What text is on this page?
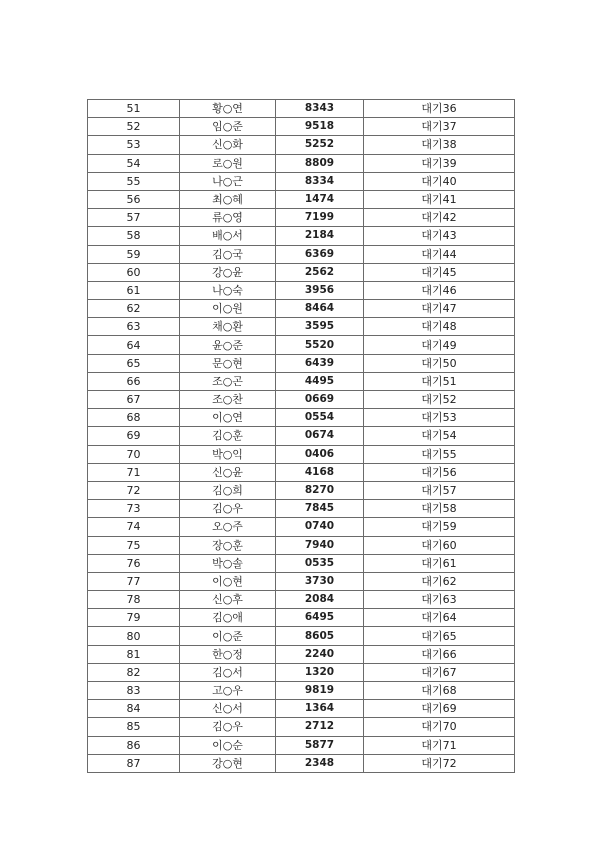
51	황○연	8343	대기36
52	임○준	9518	대기37
53	신○화	5252	대기38
54	로○원	8809	대기39
55	나○근	8334	대기40
56	최○혜	1474	대기41
57	류○영	7199	대기42
58	배○서	2184	대기43
59	김○국	6369	대기44
60	강○윤	2562	대기45
61	나○숙	3956	대기46
62	이○원	8464	대기47
63	채○환	3595	대기48
64	윤○준	5520	대기49
65	문○현	6439	대기50
66	조○곤	4495	대기51
67	조○찬	0669	대기52
68	이○연	0554	대기53
69	김○훈	0674	대기54
70	박○익	0406	대기55
71	신○윤	4168	대기56
72	김○희	8270	대기57
73	김○우	7845	대기58
74	오○주	0740	대기59
75	장○훈	7940	대기60
76	박○솔	0535	대기61
77	이○현	3730	대기62
78	신○후	2084	대기63
79	김○애	6495	대기64
80	이○준	8605	대기65
81	한○정	2240	대기66
82	김○서	1320	대기67
83	고○우	9819	대기68
84	신○서	1364	대기69
85	김○우	2712	대기70
86	이○순	5877	대기71
87	강○현	2348	대기72
